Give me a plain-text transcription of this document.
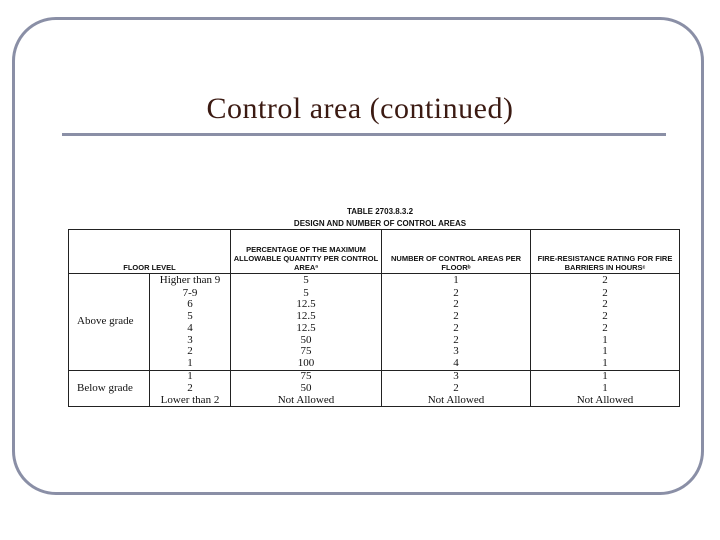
Control area (continued)
TABLE 2703.8.3.2
DESIGN AND NUMBER OF CONTROL AREAS
FLOOR LEVEL		PERCENTAGE OF THE MAXIMUM ALLOWABLE QUANTITY PER CONTROL AREAª	NUMBER OF CONTROL AREAS PER FLOORᵇ	FIRE-RESISTANCE RATING FOR FIRE BARRIERS IN HOURSᶜ
Above grade	Higher than 9	5	1	2
	7-9	5	2	2
	6	12.5	2	2
	5	12.5	2	2
	4	12.5	2	2
	3	50	2	1
	2	75	3	1
	1	100	4	1
Below grade	1	75	3	1
	2	50	2	1
	Lower than 2	Not Allowed	Not Allowed	Not Allowed
